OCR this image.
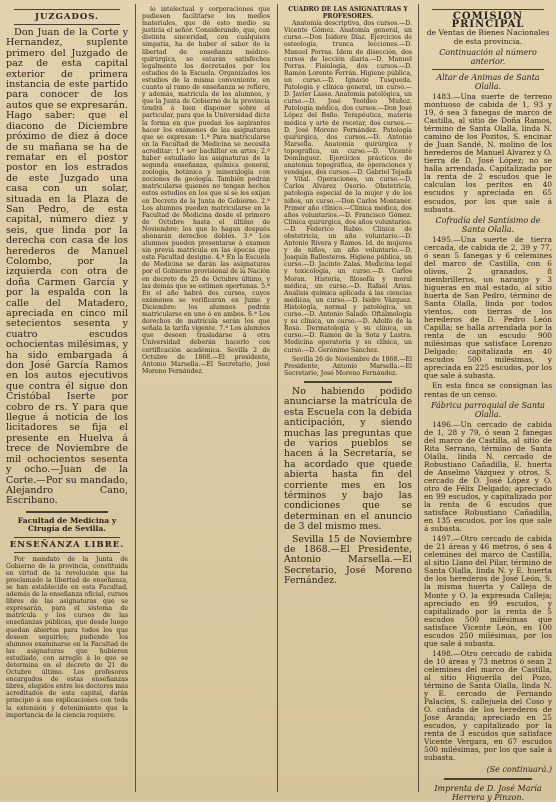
JUZGADOS.

Don Juan de la Corte y Hernandez, suplente primero del Juzgado de paz de esta capital exterior de primera instancia de este partido para conocer de los autos que se expresarán. Hago saber: que el diacono de Diciembre próximo de diez á doce de su mañana se ha de rematar en el postor postor en los estrados de este Juzgado una casa con un solar, situada en la Plaza de San Pedro, de esta capital, número diez y seis, que linda por la derecha con casa de los herederos de Manuel Colombo, por la izquierda con otra de doña Carmen García y por la espalda con la calle del Matadero, apreciada en cinco mil setecientos sesenta y cuatro escudos ochocientas milésimas, y ha sido embargada á don José García Ramos en los autos ejecutivos que contra él sigue don Cristóbal Iserte por cobro de rs. Y para que llegue á noticia de los licitadores se fija el presente en Huelva á trece de Noviembre de mil ochocientos sesenta y ocho.—Juan de la Corte.—Por su mandado, Alejandro Cano, Escribano.

Facultad de Medicina y Cirugía de Sevilla.
ENSEÑANZA LIBRE.

Por mandato de la Junta de Gobierno de la provincia, constituida en virtud de la revolución que ha proclamado la libertad de enseñanza, se han establecido en esta Facultad, además de la enseñanza oficial, cursos libres de las asignaturas que se expresarán, para el sistema de matrícula y los cursos de las enseñanzas públicas, que desde luego quedan abiertos para todos los que deseen seguirlos; pudiendo los alumnos examinarse en la Facultad de las asignaturas que hubieren estudiado, con arreglo á lo que se determina en el decreto de 21 de Octubre último. Los profesores encargados de estas enseñanzas libres, elegidos entre los doctores más acreditados de esta capital, darán principio á sus explicaciones con toda la extensión y detenimiento que la importancia de la ciencia requiere.

lo intelectual y corporaciones que pudiesen facilitarse los medios materiales, que dé esto medio su justicia el señor. Considerando, que, con distinta sinceridad, con cualquiera simpatía, ha de haber el saber de la libertad de enseñanza médico-quirúrgica, se estarán satisfechos legalmente los decretados por los estudios de la Escuela. Organizados los estudios de la misma conveniente, en cuanto al ramo de enseñanza se refiere, y además, matricula de los alumnos, y que la Junta de Gobierno de la provincia tendrá á bien disponer sobre el particular, para que la Universidad dicte la forma en que puedan los aspirantes hacer los exámenes de las asignaturas que se expresan: 1.ª Para matricularse en la Facultad de Medicina se necesita acreditar: 1.º ser bachiller en artes; 2.º haber estudiado las asignaturas de la segunda enseñanza, química general, zoología, botánica y mineralogía con nociones de geología. También podrán matricularse quienes no tengan hechos estos estudios en los que sí se les exijan en Decreto de la Junta de Gobierno. 2.ª Los alumnos pueden matricularse en la Facultad de Medicina desde el primero de Octubre hasta el último de Noviembre: los que lo hagan después abonarán derechos dobles. 3.ª Los alumnos pueden presentarse á examen sin previa matrícula en las épocas que esta Facultad designe. 4.ª En la Escuela de Medicina se darán las asignaturas por el Gobierno provisional de la Nación en decreto de 25 de Octubre último, y las demás que se estimen oportunas. 5.ª En el año habrá dos cursos, cuyos exámenes se verificarán en Junio y Diciembre: los alumnos podrán matricularse en uno ó en ambos. 6.ª Los derechos de matrícula serán los que señala la tarifa vigente. 7.ª Los alumnos que deseen trasladarse á otra Universidad deberán hacerlo con certificación académica. Sevilla 2 de Octubre de 1868.—El presidente, Antonio Marsella.—El Secretario, José Moreno Fernández.

CUADRO DE LAS ASIGNATURAS Y PROFESORES.

Anatomía descriptiva, dos cursos.—D. Vicente Gómez. Anatomía general, un curso.—Don Isidoro Díaz. Ejercicios de osteología, trunca lecciones.—D. Manuel Porras. Idem de disección, dos cursos de lección diaria.—D. Manuel Porras. Fisiología, dos cursos.—D. Ramón Lorente Ferrán. Higiene pública, un curso.—D. Ignacio Tusqueda. Patología y clínica general, un curso.—D. Javier Lasso. Anatomía patológica, un curso.—D. José Yeoldeo Muñoz. Patología médica, dos cursos.—Don José López del Baño. Terapéutica, materia médica y arte de recetar, dos cursos.—D. José Moreno Fernández. Patología quirúrgica, dos cursos.—D. Antonio Marsella. Anatomía quirúrgica y topográfica, un curso.—D. Vicente Domínguez. Ejercicios prácticos de anatomía topográfica, de operaciones y vendajes, dos cursos.—D. Gabriel Tejada y Vital. Operaciones, un curso.—D. Carlos Alvarez Osorio. Obstetricia, patología especial de la mujer y de los niños, un curso.—Don Carlos Montaner. Primer año clínico.—Clínica médica, dos años voluntarios.—D. Francisco Gómez. Clínica quirúrgica, dos años voluntarios.—D. Federico Rubio. Clínica de obstetricia, un año voluntario.—D. Antonio Rivera y Ramos. Id. de mujeres y de niños, un año voluntario.—D. Joaquín Ballesteros. Higiene pública, un curso.—D. Jacinto Zalas. Medicina legal y toxicología, un curso.—D. Carlos Moran. Historia, filosofía y moral médica, un curso.—D. Rafael Arias. Análisis química aplicada á las ciencias médicas, un curso.—D. Isidro Vázquez. Histología, normal y patológica, un curso.—D. Antonio Salado. Oftalmología y su clínica, un curso.—D. Adolfo de la Rosa. Dermatología y su clínica, un curso.—D. Ramón de la Sota y Lastra. Medicina operatoria y su clínica, un curso.—D. Gerónimo Sánchez.

Sevilla 26 de Noviembre de 1868.—El Presidente, Antonio Marsella.—El Secretario, José Moreno Fernández.

No habiendo podido anunciarse la matrícula de esta Escuela con la debida anticipación, y siendo muchas las preguntas que de varios pueblos se hacen á la Secretaría, se ha acordado que quede abierta hasta fin del corriente mes en los términos y bajo las condiciones que se determinan en el anuncio de 3 del mismo mes.

Sevilla 15 de Noviembre de 1868.—El Presidente, Antonio Marsella.—El Secretario, José Moreno Fernández.

COMISION PRINCIPAL
de Ventas de Bienes Nacionales de esta provincia.
Continuación al número anterior.
Altar de Animas de Santa Olalla.

1483.—Una suerte de terreno montuoso de cabida de 1, 93 y 19, ó sea 3 fanegas de marco de Castilla, al sitio de Doña Ramos, término de Santa Olalla, linda N. camino de los Pozitos, S. encinar de Juan Sandé, N. molino de los herederos de Manuel Alvarez y O. tierra de D. José López; no se halla arrendada. Capitalizada por la renta de 2 escudos que le calculan los peritos en 40 escudos y apreciada en 65 escudos, por los que sale á subasta.

Cofradía del Santísimo de Santa Olalla.

1495.—Una suerte de tierra cercada, de cabida de 2, 39 y 77, ó sean 5 fanegas y 6 celemines del marco de Castilla, con 6 olivos, 2 granados, 8 membrilleros, un naranjo y 3 higueras en mal estado, al sitio huerta de San Pedro, término de Santa Olalla, linda por todos vientos, con tierras de los herederos de D. Pedro León Capilla; se halla arrendada por la renta de un escudo 900 milésimas que satisface Lorenzo Delgado; capitalizada en 40 escudos 500 milésimas, y apreciada en 225 escudos, por los que sale á subasta.

En esta finca se consignan las rentas de un censo.

Fábrica parroquial de Santa Olalla.

1496.—Un cercado de cabida de 1, 28 y 79, ó sean 2 fanegas del marco de Castilla, al sitio de Rita Serrano, término de Santa Olalla, linda N. cercado de Robustiano Cañadilla, E. huerta de Anselmo Vázquez y otros, S. cercado de D. José López y O. otro de Félix Delgado; apreciado en 99 escudos, y capitalizado por la renta de 6 escudos que satisface Robustiano Cañadilla, en 135 escudos, por los que sale á subasta.

1497.—Otro cercado de cabida de 21 áreas y 46 metros, ó sea 4 celemines del marco de Castilla, al sitio Llano del Pilar, término de Santa Olalla, linda N. y E. huerta de los herederos de José León, S. la misma huerta y Calleja de Monte y O. la expresada Calleja; apreciado en 99 escudos, y capitalizado por la renta de 5 escudos 500 milésimas que satisface Vicente León, en 100 escudos 250 milésimas, por los que sale á subasta.

1498.—Otro cercado de cabida de 10 áreas y 73 metros ó sean 2 celemines del marco de Castilla, al sitio Higuerila del Pozo, término de Santa Olalla, linda N. y E. cercado de Fernando Palacios, S. callejuela del Coso y O. cañada de los herederos de José Aranda; apreciado en 25 escudos, y capitalizado por la renta de 3 escudos que satisface Vicente Vergara, en 67 escudos 500 milésimas, por los que sale á subasta.

(Se continuará.)
Imprenta de D. José María Herrera y Pinzon.
